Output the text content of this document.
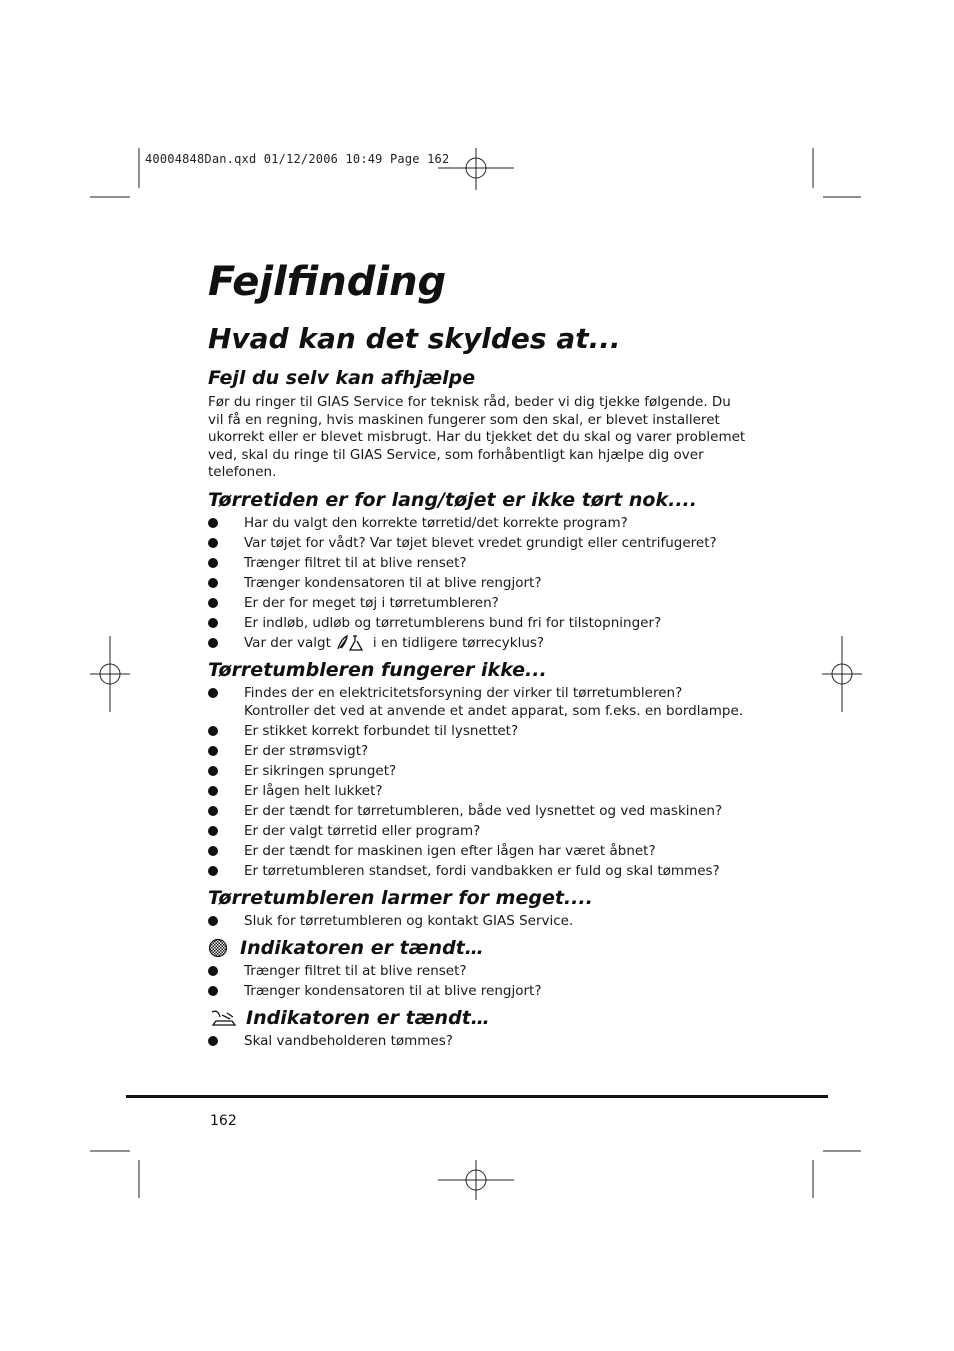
40004848Dan.qxd 01/12/2006 10:49 Page 162
Fejlfinding
Hvad kan det skyldes at...
Fejl du selv kan afhjælpe

Før du ringer til GIAS Service for teknisk råd, beder vi dig tjekke følgende. Du vil få en regning, hvis maskinen fungerer som den skal, er blevet installeret ukorrekt eller er blevet misbrugt. Har du tjekket det du skal og varer problemet ved, skal du ringe til GIAS Service, som forhåbentligt kan hjælpe dig over telefonen.

Tørretiden er for lang/tøjet er ikke tørt nok....
Har du valgt den korrekte tørretid/det korrekte program?
Var tøjet for vådt? Var tøjet blevet vredet grundigt eller centrifugeret?
Trænger filtret til at blive renset?
Trænger kondensatoren til at blive rengjort?
Er der for meget tøj i tørretumbleren?
Er indløb, udløb og tørretumblerens bund fri for tilstopninger?
Var der valgt	i en tidligere tørrecyklus?
Tørretumbleren fungerer ikke...
Findes der en elektricitetsforsyning der virker til tørretumbleren? Kontroller det ved at anvende et andet apparat, som f.eks. en bordlampe.
Er stikket korrekt forbundet til lysnettet?
Er der strømsvigt?
Er sikringen sprunget?
Er lågen helt lukket?
Er der tændt for tørretumbleren, både ved lysnettet og ved maskinen?
Er der valgt tørretid eller program?
Er der tændt for maskinen igen efter lågen har været åbnet?
Er tørretumbleren standset, fordi vandbakken er fuld og skal tømmes?
Tørretumbleren larmer for meget....
Sluk for tørretumbleren og kontakt GIAS Service.
Indikatoren er tændt…
Trænger filtret til at blive renset?
Trænger kondensatoren til at blive rengjort?
Indikatoren er tændt…
Skal vandbeholderen tømmes?
162
